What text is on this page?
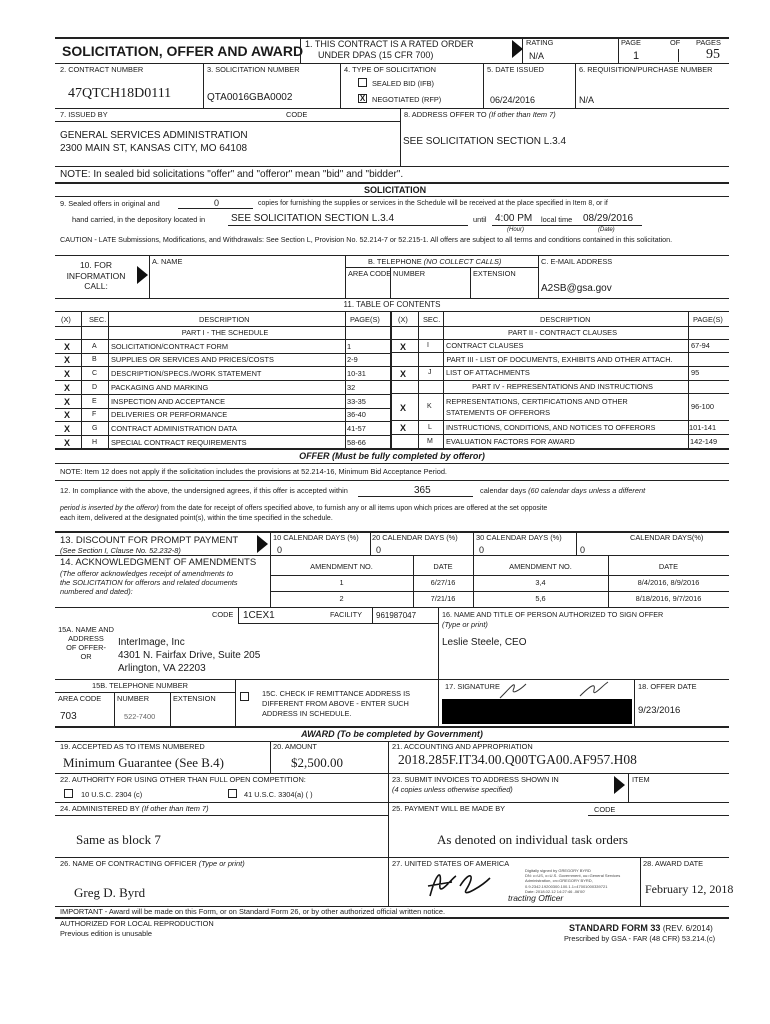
SOLICITATION, OFFER AND AWARD 1. THIS CONTRACT IS A RATED ORDER
UNDER DPAS (15 CFR 700)
RATING
N/A
PAGE	OF PAGES
1	95
2. CONTRACT NUMBER
47QTCH18D0111
3. SOLICITATION NUMBER
QTA0016GBA0002
4. TYPE OF SOLICITATION
SEALED BID (IFB)
X NEGOTIATED (RFP)
5. DATE ISSUED
06/24/2016
6. REQUISITION/PURCHASE NUMBER
N/A
7. ISSUED BY	CODE
GENERAL SERVICES ADMINISTRATION
2300 MAIN ST, KANSAS CITY, MO 64108
8. ADDRESS OFFER TO (If other than Item 7)
SEE SOLICITATION SECTION L.3.4
NOTE: In sealed bid solicitations "offer" and "offeror" mean "bid" and "bidder".
SOLICITATION
9. Sealed offers in original and	0	copies for furnishing the supplies or services in the Schedule will be received at the place specified in Item 8, or if
hand carried, in the depository located in	SEE SOLICITATION SECTION L.3.4	until 4:00 PM local time 08/29/2016
(Hour)	(Date)
CAUTION - LATE Submissions, Modifications, and Withdrawals: See Section L, Provision No. 52.214-7 or 52.215-1. All offers are subject to all terms and conditions contained in this solicitation.
10. FOR
INFORMATION
CALL:
A. NAME	B. TELEPHONE (NO COLLECT CALLS)
AREA CODE NUMBER	EXTENSION
C. E-MAIL ADDRESS
A2SB@gsa.gov
11. TABLE OF CONTENTS
(X) SEC.	DESCRIPTION	PAGE(S) (X) SEC.	DESCRIPTION	PAGE(S)
PART I - THE SCHEDULE	PART II - CONTRACT CLAUSES
X	A SOLICITATION/CONTRACT FORM	1
X	B SUPPLIES OR SERVICES AND PRICES/COSTS	2-9
X	C DESCRIPTION/SPECS./WORK STATEMENT	10-31
X	D PACKAGING AND MARKING	32
X	E INSPECTION AND ACCEPTANCE	33-35
X	F DELIVERIES OR PERFORMANCE	36-40
X	G CONTRACT ADMINISTRATION DATA	41-57
X	H SPECIAL CONTRACT REQUIREMENTS	58-66
X	I CONTRACT CLAUSES	67-94
PART III - LIST OF DOCUMENTS, EXHIBITS AND OTHER ATTACH.
X	J LIST OF ATTACHMENTS	95
PART IV - REPRESENTATIONS AND INSTRUCTIONS
X	K
REPRESENTATIONS, CERTIFICATIONS AND OTHER
STATEMENTS OF OFFERORS
96-100
X	L INSTRUCTIONS, CONDITIONS, AND NOTICES TO OFFERORS	101-141
M EVALUATION FACTORS FOR AWARD	142-149
OFFER (Must be fully completed by offeror)
NOTE: Item 12 does not apply if the solicitation includes the provisions at 52.214-16, Minimum Bid Acceptance Period.
12. In compliance with the above, the undersigned agrees, if this offer is accepted within	365	calendar days (60 calendar days unless a different
period is inserted by the offeror) from the date for receipt of offers specified above, to furnish any or all items upon which prices are offered at the set opposite
each item, delivered at the designated point(s), within the time specified in the schedule.
13. DISCOUNT FOR PROMPT PAYMENT
(See Section I, Clause No. 52.232-8)
10 CALENDAR DAYS (%)
0
20 CALENDAR DAYS (%)
0
30 CALENDAR DAYS (%)
0
CALENDAR DAYS(%)
0
14. ACKNOWLEDGMENT OF AMENDMENTS
(The offeror acknowledges receipt of amendments to
the SOLICITATION for offerors and related documents
numbered and dated):
AMENDMENT NO.	DATE	AMENDMENT NO.	DATE
1	6/27/16	3,4	8/4/2016, 8/9/2016
2	7/21/16	5,6	8/18/2016, 9/7/2016
CODE 1CEX1	FACILITY 961987047
15A. NAME AND
ADDRESS
OF OFFER-
OR
InterImage, Inc
4301 N. Fairfax Drive, Suite 205
Arlington, VA 22203
16. NAME AND TITLE OF PERSON AUTHORIZED TO SIGN OFFER
(Type or print)
Leslie Steele, CEO
15B. TELEPHONE NUMBER
AREA CODE NUMBER	EXTENSION
703	522-7400
15C. CHECK IF REMITTANCE ADDRESS IS
DIFFERENT FROM ABOVE - ENTER SUCH
ADDRESS IN SCHEDULE.
17. SIGNATURE	18. OFFER DATE
9/23/2016
AWARD (To be completed by Government)
19. ACCEPTED AS TO ITEMS NUMBERED
Minimum Guarantee (See B.4)
20. AMOUNT
$2,500.00
21. ACCOUNTING AND APPROPRIATION
2018.285F.IT34.00.Q00TGA00.AF957.H08
22. AUTHORITY FOR USING OTHER THAN FULL OPEN COMPETITION:
10 U.S.C. 2304 (c)	41 U.S.C. 3304(a) ( )
23. SUBMIT INVOICES TO ADDRESS SHOWN IN
(4 copies unless otherwise specified)
ITEM
24. ADMINISTERED BY (If other than Item 7)	25. PAYMENT WILL BE MADE BY	CODE
Same as block 7	As denoted on individual task orders
26. NAME OF CONTRACTING OFFICER (Type or print)
Greg D. Byrd
27. UNITED STATES OF AMERICA
Digitally signed by GREGORY BYRD
DN: c=US, o=U.S. Government, ou=General Services
Administration, cn=GREGORY BYRD,
0.9.2342.19200300.100.1.1=47001000339721
Date: 2018.02.12 14:27:46 -06'00'
tracting Officer
28. AWARD DATE
February 12, 2018
IMPORTANT - Award will be made on this Form, or on Standard Form 26, or by other authorized official written notice.
AUTHORIZED FOR LOCAL REPRODUCTION
Previous edition is unusable
STANDARD FORM 33 (REV. 6/2014)
Prescribed by GSA - FAR (48 CFR) 53.214.(c)
